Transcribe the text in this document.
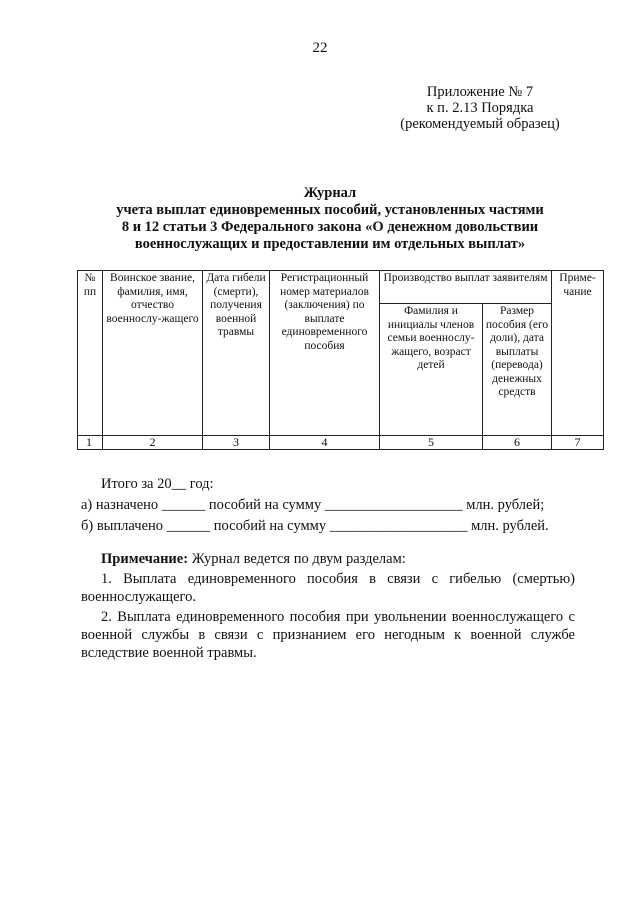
22
Приложение № 7
к п. 2.13 Порядка
(рекомендуемый образец)
Журнал
учета выплат единовременных пособий, установленных частями
8 и 12 статьи 3 Федерального закона «О денежном довольствии
военнослужащих и предоставлении им отдельных выплат»
№ пп	Воинское звание, фамилия, имя, отчество военнослу-жащего	Дата гибели (смерти), получения военной травмы	Регистрационный номер материалов (заключения) по выплате единовременного пособия	Производство выплат заявителям		Приме-чание
				Фамилия и инициалы членов семьи военнослу-жащего, возраст детей	Размер пособия (его доли), дата выплаты (перевода) денежных средств	
1	2	3	4	5	6	7
Итого за 20__ год:
а) назначено ______ пособий на сумму ___________________ млн. рублей;
б) выплачено ______ пособий на сумму ___________________ млн. рублей.

Примечание: Журнал ведется по двум разделам:

1. Выплата единовременного пособия в связи с гибелью (смертью) военнослужащего.

2. Выплата единовременного пособия при увольнении военнослужащего с военной службы в связи с признанием его негодным к военной службе вследствие военной травмы.
